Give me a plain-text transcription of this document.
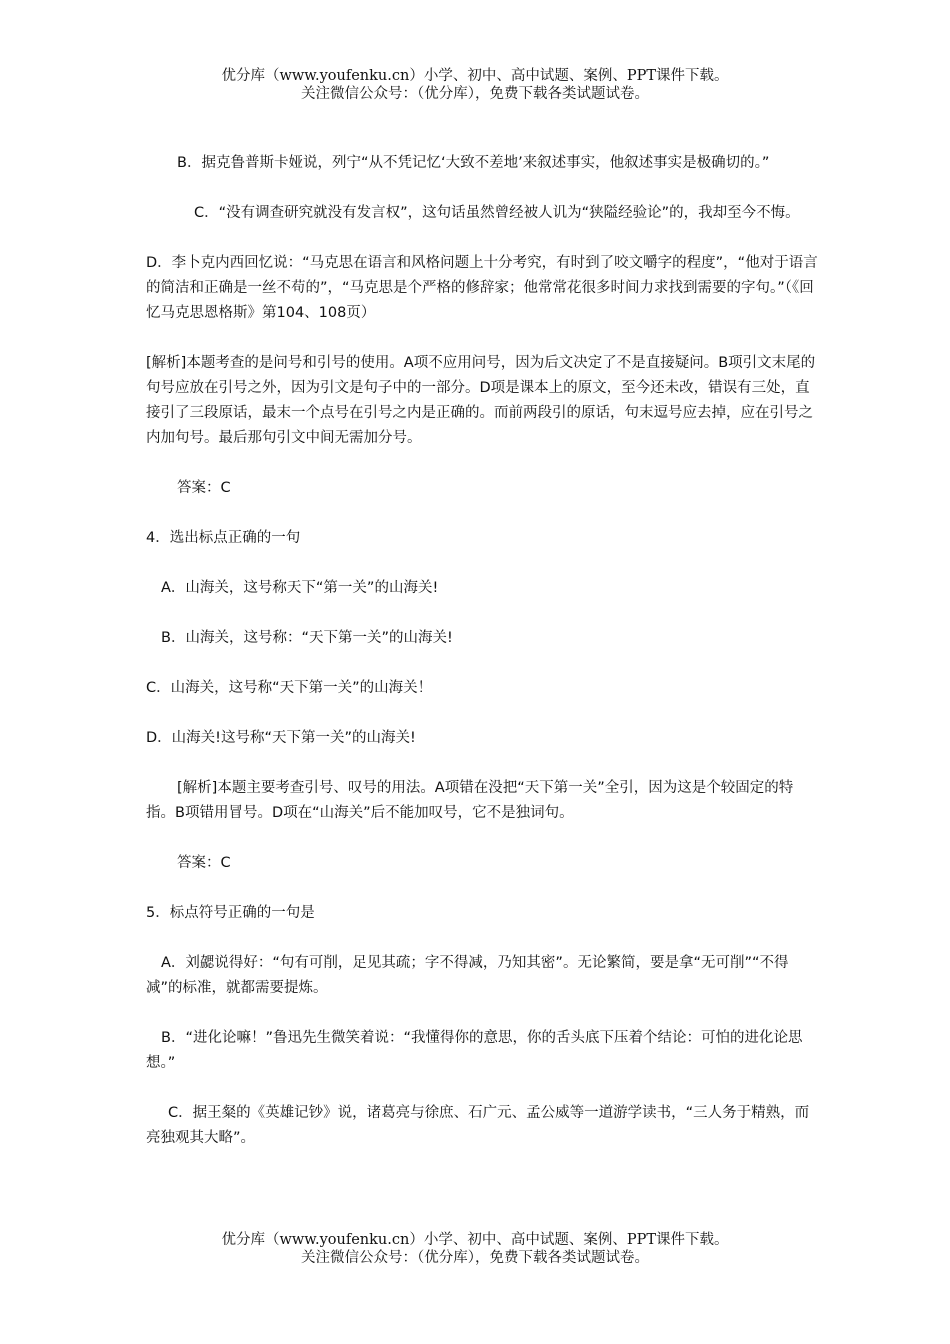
优分库（www.youfenku.cn）小学、初中、高中试题、案例、PPT课件下载。
关注微信公众号：（优分库），免费下载各类试题试卷。

B．据克鲁普斯卡娅说，列宁“从不凭记忆‘大致不差地’来叙述事实，他叙述事实是极确切的。”

C．“没有调查研究就没有发言权”，这句话虽然曾经被人讥为“狭隘经验论”的，我却至今不悔。

D．李卜克内西回忆说：“马克思在语言和风格问题上十分考究，有时到了咬文嚼字的程度”，“他对于语言的简洁和正确是一丝不苟的”，“马克思是个严格的修辞家；他常常花很多时间力求找到需要的字句。”（《回忆马克思恩格斯》第104、108页）

[解析]本题考查的是问号和引号的使用。A项不应用问号，因为后文决定了不是直接疑问。B项引文末尾的句号应放在引号之外，因为引文是句子中的一部分。D项是课本上的原文，至今还未改，错误有三处，直接引了三段原话，最末一个点号在引号之内是正确的。而前两段引的原话，句末逗号应去掉，应在引号之内加句号。最后那句引文中间无需加分号。

答案：C

4．选出标点正确的一句

A．山海关，这号称天下“第一关”的山海关!

B．山海关，这号称：“天下第一关”的山海关!

C．山海关，这号称“天下第一关”的山海关！

D．山海关!这号称“天下第一关”的山海关!

[解析]本题主要考查引号、叹号的用法。A项错在没把“天下第一关”全引，因为这是个较固定的特指。B项错用冒号。D项在“山海关”后不能加叹号，它不是独词句。

答案：C

5．标点符号正确的一句是

A．刘勰说得好：“句有可削，足见其疏；字不得减，乃知其密”。无论繁简，要是拿“无可削”“不得减”的标准，就都需要提炼。

B．“进化论嘛！”鲁迅先生微笑着说：“我懂得你的意思，你的舌头底下压着个结论：可怕的进化论思想。”

C．据王粲的《英雄记钞》说，诸葛亮与徐庶、石广元、孟公威等一道游学读书，“三人务于精熟，而亮独观其大略”。

优分库（www.youfenku.cn）小学、初中、高中试题、案例、PPT课件下载。
关注微信公众号：（优分库），免费下载各类试题试卷。
